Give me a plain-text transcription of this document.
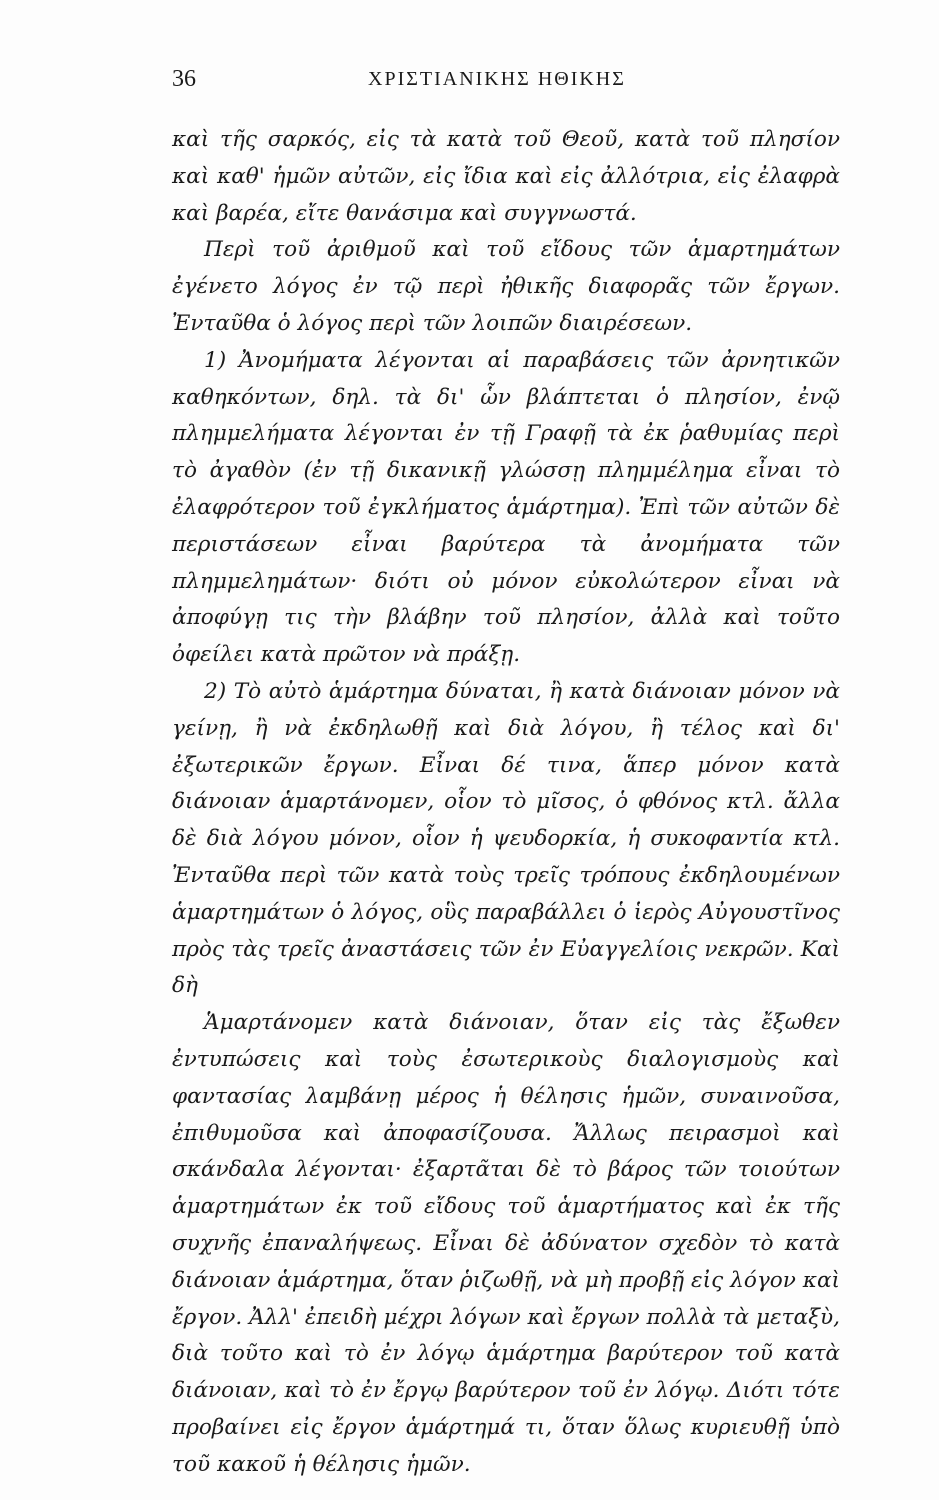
36	ΧΡΙΣΤΙΑΝΙΚΗΣ ΗΘΙΚΗΣ

καὶ τῆς σαρκός, εἰς τὰ κατὰ τοῦ Θεοῦ, κατὰ τοῦ πλησίον καὶ καθ' ἡμῶν αὐτῶν, εἰς ἴδια καὶ εἰς ἀλλότρια, εἰς ἐλαφρὰ καὶ βαρέα, εἴτε θανάσιμα καὶ συγγνωστά.

Περὶ τοῦ ἀριθμοῦ καὶ τοῦ εἴδους τῶν ἁμαρτημάτων ἐγένετο λόγος ἐν τῷ περὶ ἠθικῆς διαφορᾶς τῶν ἔργων. Ἐνταῦθα ὁ λόγος περὶ τῶν λοιπῶν διαιρέσεων.

1) Ἀνομήματα λέγονται αἱ παραβάσεις τῶν ἀρνητικῶν καθηκόντων, δηλ. τὰ δι' ὧν βλάπτεται ὁ πλησίον, ἐνῷ πλημμελήματα λέγονται ἐν τῇ Γραφῇ τὰ ἐκ ῥαθυμίας περὶ τὸ ἀγαθὸν (ἐν τῇ δικανικῇ γλώσσῃ πλημμέλημα εἶναι τὸ ἐλαφρότερον τοῦ ἐγκλήματος ἁμάρτημα). Ἐπὶ τῶν αὐτῶν δὲ περιστάσεων εἶναι βαρύτερα τὰ ἀνομήματα τῶν πλημμελημάτων· διότι οὐ μόνον εὐκολώτερον εἶναι νὰ ἀποφύγῃ τις τὴν βλάβην τοῦ πλησίον, ἀλλὰ καὶ τοῦτο ὀφείλει κατὰ πρῶτον νὰ πράξῃ.

2) Τὸ αὐτὸ ἁμάρτημα δύναται, ἢ κατὰ διάνοιαν μόνον νὰ γείνῃ, ἢ νὰ ἐκδηλωθῇ καὶ διὰ λόγου, ἢ τέλος καὶ δι' ἐξωτερικῶν ἔργων. Εἶναι δέ τινα, ἅπερ μόνον κατὰ διάνοιαν ἁμαρτάνομεν, οἷον τὸ μῖσος, ὁ φθόνος κτλ. ἄλλα δὲ διὰ λόγου μόνον, οἷον ἡ ψευδορκία, ἡ συκοφαντία κτλ. Ἐνταῦθα περὶ τῶν κατὰ τοὺς τρεῖς τρόπους ἐκδηλουμένων ἁμαρτημάτων ὁ λόγος, οὓς παραβάλλει ὁ ἱερὸς Αὐγουστῖνος πρὸς τὰς τρεῖς ἀναστάσεις τῶν ἐν Εὐαγγελίοις νεκρῶν. Καὶ δὴ

Ἁμαρτάνομεν κατὰ διάνοιαν, ὅταν εἰς τὰς ἔξωθεν ἐντυπώσεις καὶ τοὺς ἐσωτερικοὺς διαλογισμοὺς καὶ φαντασίας λαμβάνῃ μέρος ἡ θέλησις ἡμῶν, συναινοῦσα, ἐπιθυμοῦσα καὶ ἀποφασίζουσα. Ἄλλως πειρασμοὶ καὶ σκάνδαλα λέγονται· ἐξαρτᾶται δὲ τὸ βάρος τῶν τοιούτων ἁμαρτημάτων ἐκ τοῦ εἴδους τοῦ ἁμαρτήματος καὶ ἐκ τῆς συχνῆς ἐπαναλήψεως. Εἶναι δὲ ἀδύνατον σχεδὸν τὸ κατὰ διάνοιαν ἁμάρτημα, ὅταν ῥιζωθῇ, νὰ μὴ προβῇ εἰς λόγον καὶ ἔργον. Ἀλλ' ἐπειδὴ μέχρι λόγων καὶ ἔργων πολλὰ τὰ μεταξὺ, διὰ τοῦτο καὶ τὸ ἐν λόγῳ ἁμάρτημα βαρύτερον τοῦ κατὰ διάνοιαν, καὶ τὸ ἐν ἔργῳ βαρύτερον τοῦ ἐν λόγῳ. Διότι τότε προβαίνει εἰς ἔργον ἁμάρτημά τι, ὅταν ὅλως κυριευθῇ ὑπὸ τοῦ κακοῦ ἡ θέλησις ἡμῶν.
